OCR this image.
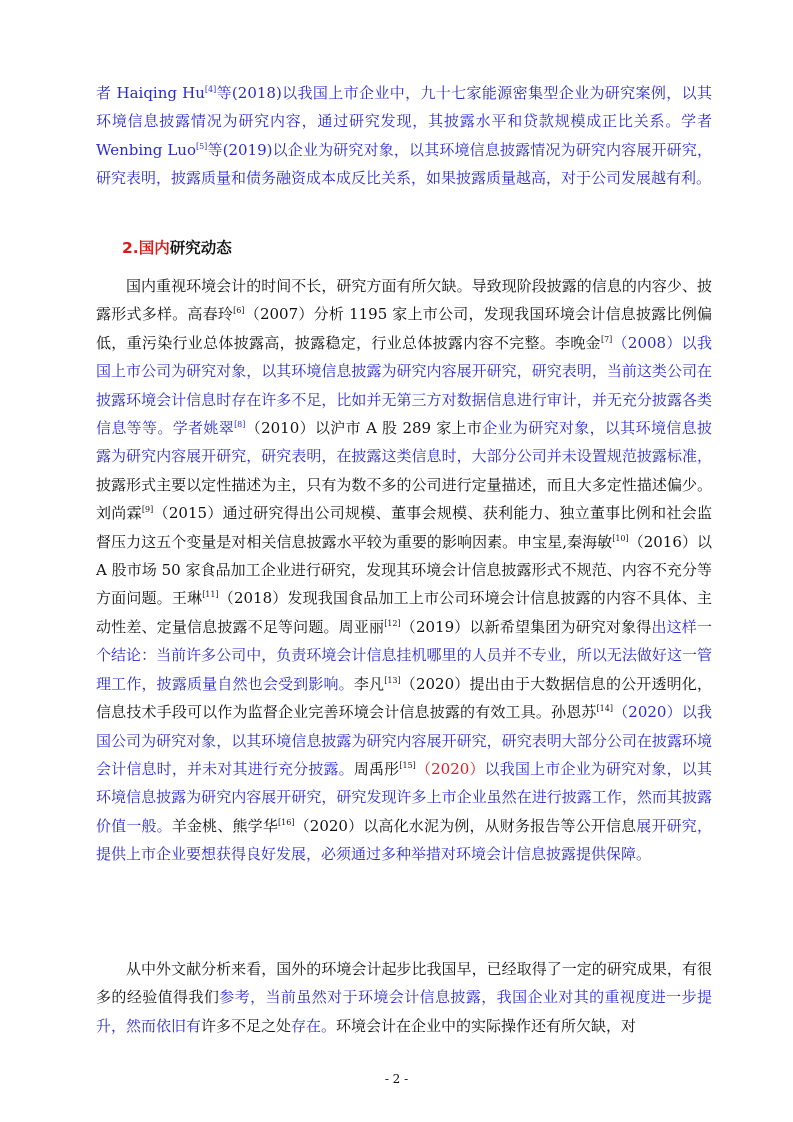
者 Haiqing Hu[4]等(2018)以我国上市企业中，九十七家能源密集型企业为研究案例，以其环境信息披露情况为研究内容，通过研究发现，其披露水平和贷款规模成正比关系。学者 Wenbing Luo[5]等(2019)以企业为研究对象，以其环境信息披露情况为研究内容展开研究，研究表明，披露质量和债务融资成本成反比关系，如果披露质量越高，对于公司发展越有利。

2.国内研究动态

国内重视环境会计的时间不长，研究方面有所欠缺。导致现阶段披露的信息的内容少、披露形式多样。高春玲[6]（2007）分析 1195 家上市公司，发现我国环境会计信息披露比例偏低，重污染行业总体披露高，披露稳定，行业总体披露内容不完整。李晚金[7]（2008）以我国上市公司为研究对象，以其环境信息披露为研究内容展开研究，研究表明，当前这类公司在披露环境会计信息时存在许多不足，比如并无第三方对数据信息进行审计，并无充分披露各类信息等等。学者姚翠[8]（2010）以沪市 A 股 289 家上市企业为研究对象，以其环境信息披露为研究内容展开研究，研究表明，在披露这类信息时，大部分公司并未设置规范披露标准，披露形式主要以定性描述为主，只有为数不多的公司进行定量描述，而且大多定性描述偏少。刘尚霖[9]（2015）通过研究得出公司规模、董事会规模、获利能力、独立董事比例和社会监督压力这五个变量是对相关信息披露水平较为重要的影响因素。申宝星,秦海敏[10]（2016）以 A 股市场 50 家食品加工企业进行研究，发现其环境会计信息披露形式不规范、内容不充分等方面问题。王琳[11]（2018）发现我国食品加工上市公司环境会计信息披露的内容不具体、主动性差、定量信息披露不足等问题。周亚丽[12]（2019）以新希望集团为研究对象得出这样一个结论：当前许多公司中，负责环境会计信息挂机哪里的人员并不专业，所以无法做好这一管理工作，披露质量自然也会受到影响。李凡[13]（2020）提出由于大数据信息的公开透明化，信息技术手段可以作为监督企业完善环境会计信息披露的有效工具。孙恩苏[14]（2020）以我国公司为研究对象，以其环境信息披露为研究内容展开研究，研究表明大部分公司在披露环境会计信息时，并未对其进行充分披露。周禹彤[15]（2020）以我国上市企业为研究对象，以其环境信息披露为研究内容展开研究，研究发现许多上市企业虽然在进行披露工作，然而其披露价值一般。羊金桃、熊学华[16]（2020）以高化水泥为例，从财务报告等公开信息展开研究，提供上市企业要想获得良好发展，必须通过多种举措对环境会计信息披露提供保障。

从中外文献分析来看，国外的环境会计起步比我国早，已经取得了一定的研究成果，有很多的经验值得我们参考，当前虽然对于环境会计信息披露，我国企业对其的重视度进一步提升，然而依旧有许多不足之处存在。环境会计在企业中的实际操作还有所欠缺，对

- 2 -
